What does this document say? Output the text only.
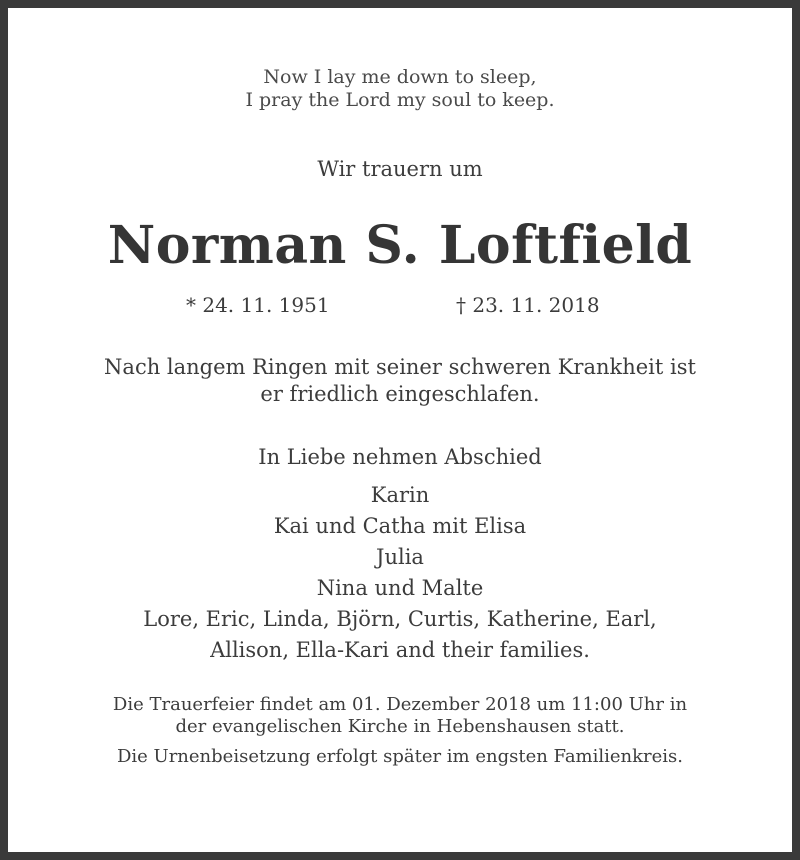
Now I lay me down to sleep,
I pray the Lord my soul to keep.
Wir trauern um
Norman S. Loftfield
* 24. 11. 1951	† 23. 11. 2018
Nach langem Ringen mit seiner schweren Krankheit ist
er friedlich eingeschlafen.
In Liebe nehmen Abschied
Karin
Kai und Catha mit Elisa
Julia
Nina und Malte
Lore, Eric, Linda, Björn, Curtis, Katherine, Earl,
Allison, Ella-Kari and their families.
Die Trauerfeier findet am 01. Dezember 2018 um 11:00 Uhr in
der evangelischen Kirche in Hebenshausen statt.
Die Urnenbeisetzung erfolgt später im engsten Familienkreis.
